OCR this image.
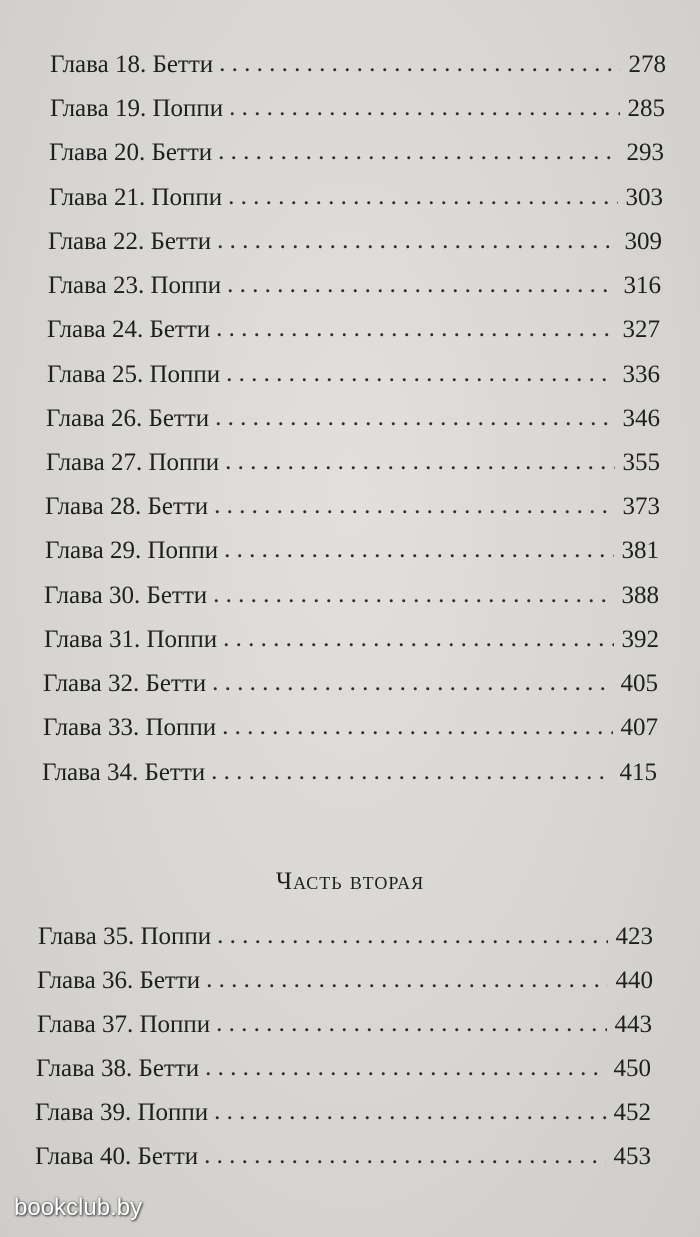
Глава 18. Бетти . . .	278
Глава 19. Поппи . . .	285
Глава 20. Бетти . . .	293
Глава 21. Поппи . . .	303
Глава 22. Бетти . . .	309
Глава 23. Поппи . . .	316
Глава 24. Бетти . . .	327
Глава 25. Поппи . . .	336
Глава 26. Бетти . . .	346
Глава 27. Поппи . . .	355
Глава 28. Бетти . . .	373
Глава 29. Поппи . . .	381
Глава 30. Бетти . . .	388
Глава 31. Поппи . . .	392
Глава 32. Бетти . . .	405
Глава 33. Поппи . . .	407
Глава 34. Бетти . . .	415
Часть вторая
Глава 35. Поппи . . .	423
Глава 36. Бетти . . .	440
Глава 37. Поппи . . .	443
Глава 38. Бетти . . .	450
Глава 39. Поппи . . .	452
Глава 40. Бетти . . .	453
bookclub.by
